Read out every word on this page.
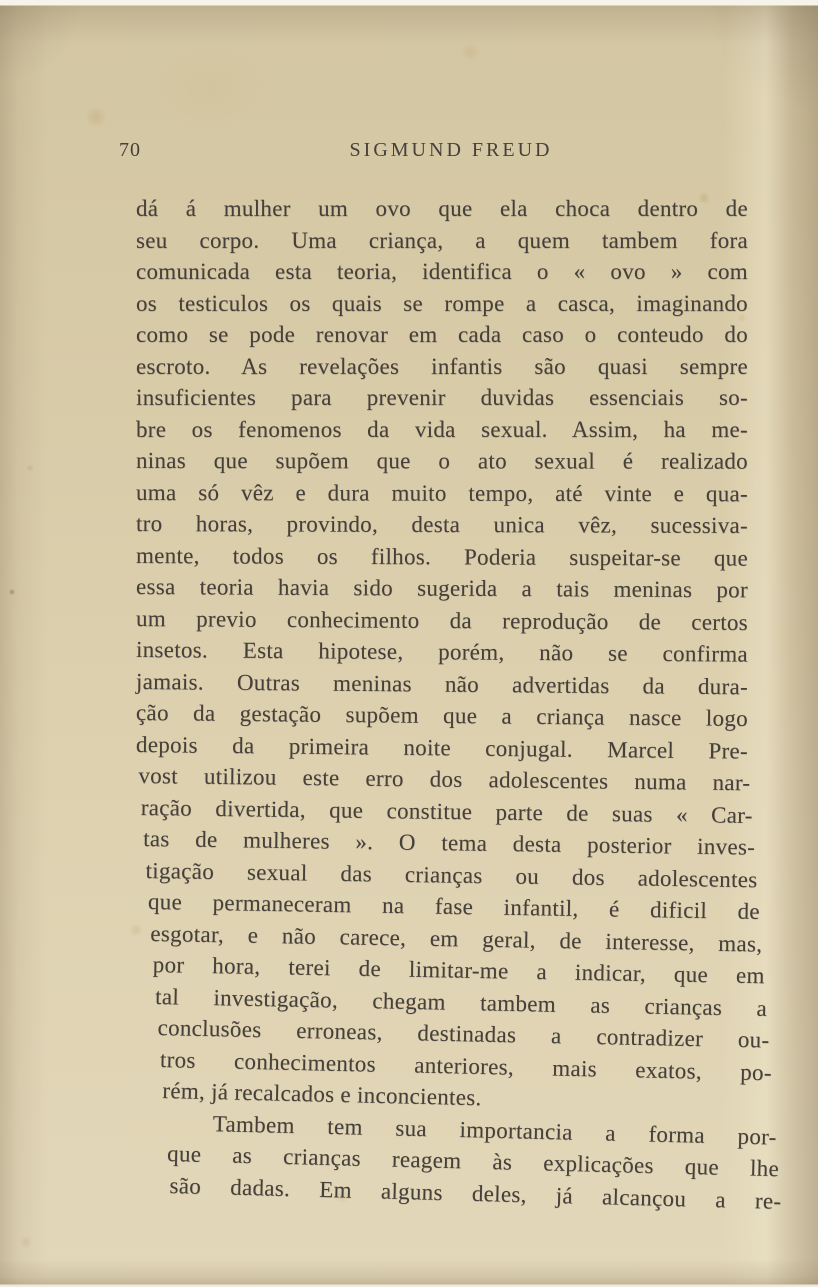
70	SIGMUND FREUD
dá á mulher um ovo que ela choca dentro de
seu corpo. Uma criança, a quem tambem fora
comunicada esta teoria, identifica o « ovo » com
os testiculos os quais se rompe a casca, imaginando
como se pode renovar em cada caso o conteudo do
escroto. As revelações infantis são quasi sempre
insuficientes para prevenir duvidas essenciais so-
bre os fenomenos da vida sexual. Assim, ha me-
ninas que supõem que o ato sexual é realizado
uma só vêz e dura muito tempo, até vinte e qua-
tro horas, provindo, desta unica vêz, sucessiva-
mente, todos os filhos. Poderia suspeitar-se que
essa teoria havia sido sugerida a tais meninas por
um previo conhecimento da reprodução de certos
insetos. Esta hipotese, porém, não se confirma
jamais. Outras meninas não advertidas da dura-
ção da gestação supõem que a criança nasce logo
depois da primeira noite conjugal. Marcel Pre-
vost utilizou este erro dos adolescentes numa nar-
ração divertida, que constitue parte de suas « Car-
tas de mulheres ». O tema desta posterior inves-
tigação sexual das crianças ou dos adolescentes
que permaneceram na fase infantil, é dificil de
esgotar, e não carece, em geral, de interesse, mas,
por hora, terei de limitar-me a indicar, que em
tal investigação, chegam tambem as crianças a
conclusões erroneas, destinadas a contradizer ou-
tros conhecimentos anteriores, mais exatos, po-
rém, já recalcados e inconcientes.
Tambem tem sua importancia a forma por-
que as crianças reagem às explicações que lhe
são dadas. Em alguns deles, já alcançou a re-
